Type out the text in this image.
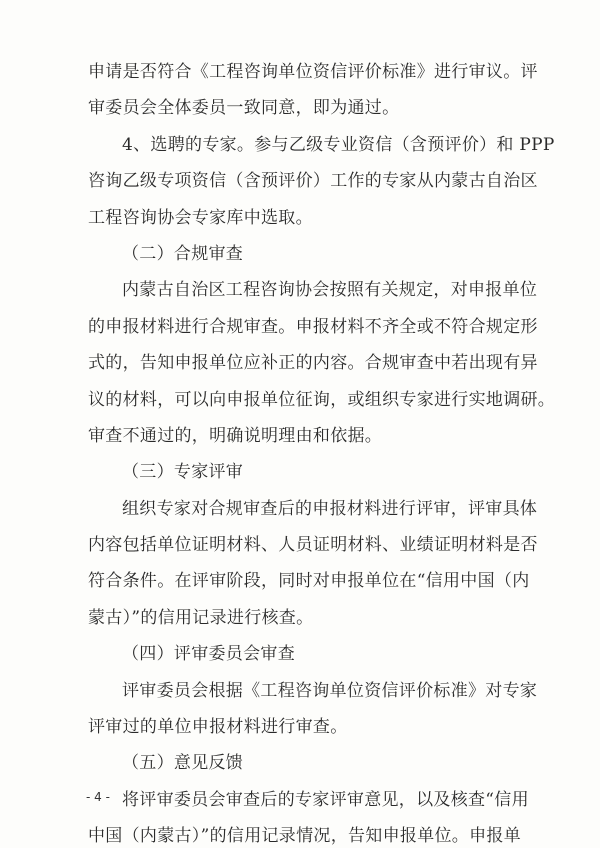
申请是否符合《工程咨询单位资信评价标准》进行审议。评
审委员会全体委员一致同意，即为通过。
4、选聘的专家。参与乙级专业资信（含预评价）和 PPP
咨询乙级专项资信（含预评价）工作的专家从内蒙古自治区
工程咨询协会专家库中选取。
（二）合规审查
内蒙古自治区工程咨询协会按照有关规定，对申报单位
的申报材料进行合规审查。申报材料不齐全或不符合规定形
式的，告知申报单位应补正的内容。合规审查中若出现有异
议的材料，可以向申报单位征询，或组织专家进行实地调研。
审查不通过的，明确说明理由和依据。
（三）专家评审
组织专家对合规审查后的申报材料进行评审，评审具体
内容包括单位证明材料、人员证明材料、业绩证明材料是否
符合条件。在评审阶段，同时对申报单位在“信用中国（内
蒙古）”的信用记录进行核查。
（四）评审委员会审查
评审委员会根据《工程咨询单位资信评价标准》对专家
评审过的单位申报材料进行审查。
（五）意见反馈
将评审委员会审查后的专家评审意见，以及核查“信用
中国（内蒙古）”的信用记录情况，告知申报单位。申报单
- 4 -
